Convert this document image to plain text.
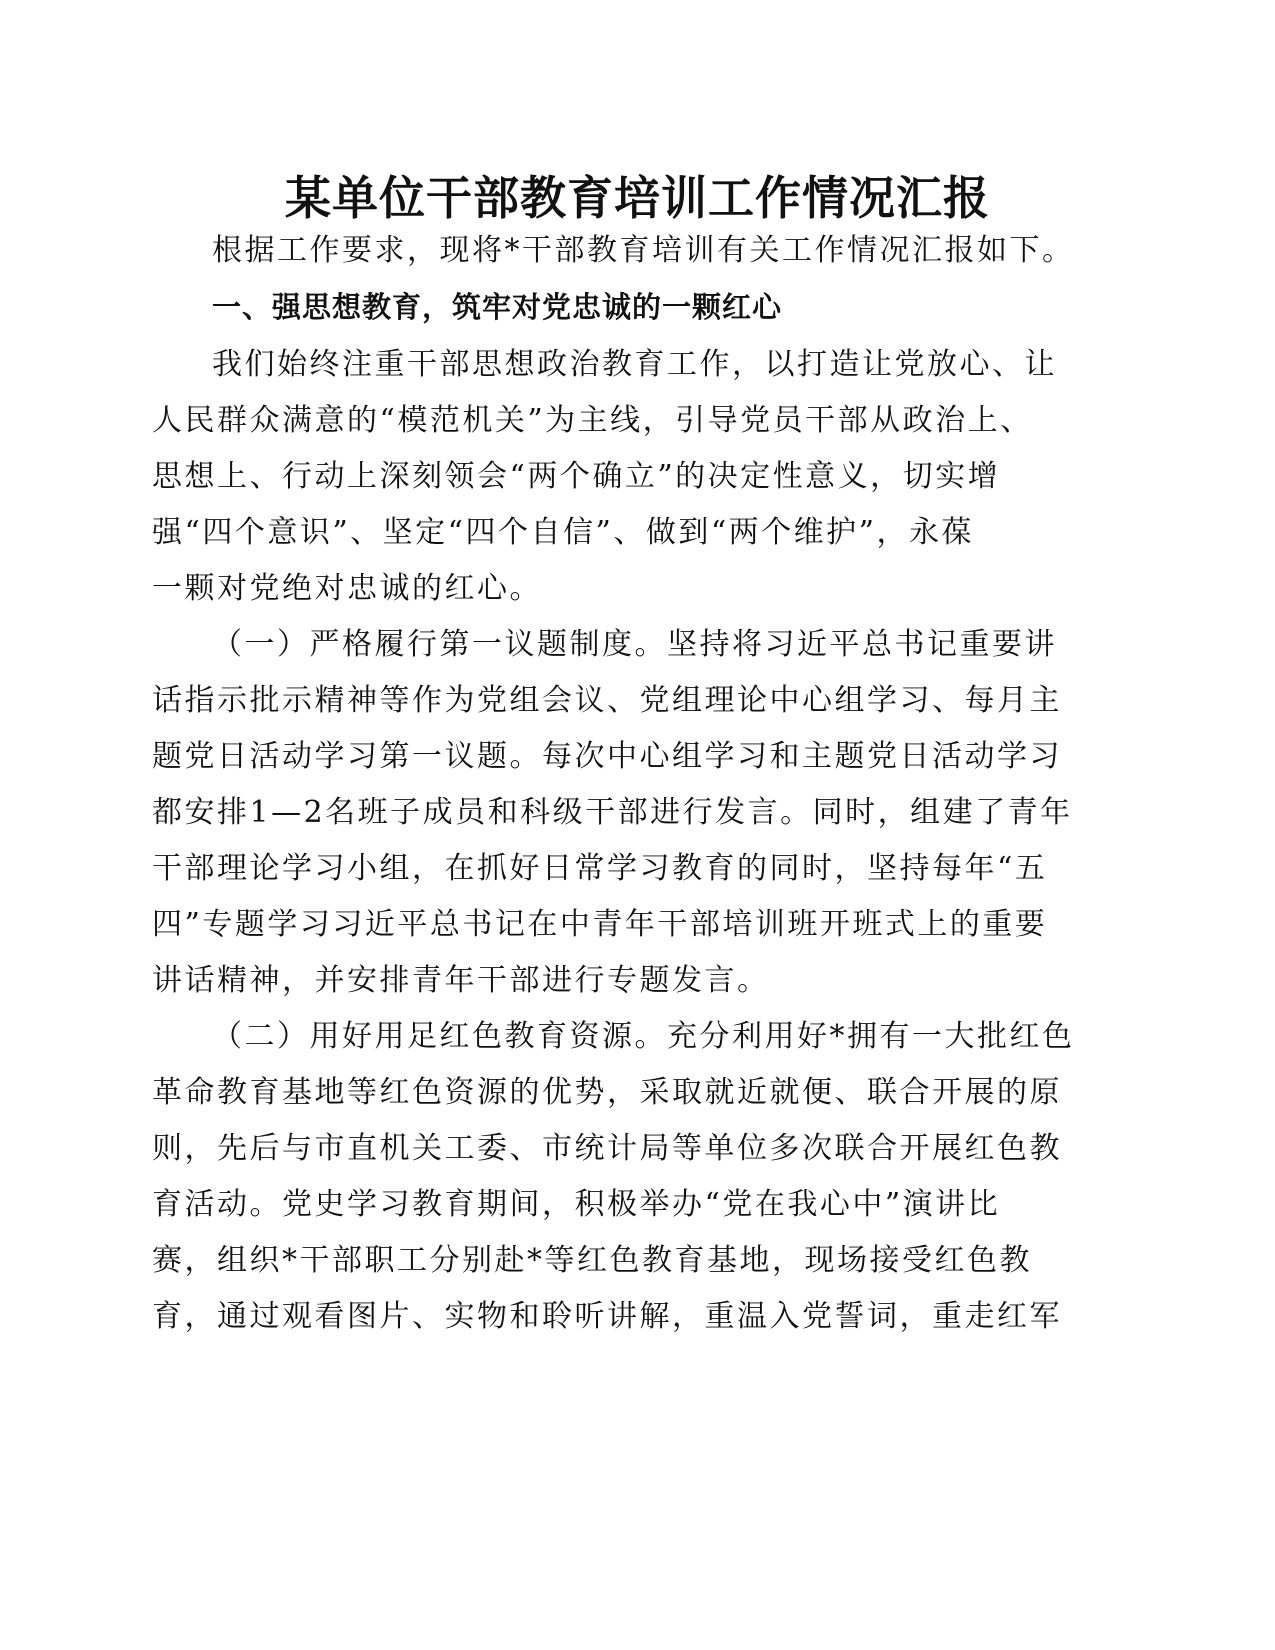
某单位干部教育培训工作情况汇报
根据工作要求，现将*干部教育培训有关工作情况汇报如下。
一、强思想教育，筑牢对党忠诚的一颗红心
我们始终注重干部思想政治教育工作，以打造让党放心、让
人民群众满意的“模范机关”为主线，引导党员干部从政治上、
思想上、行动上深刻领会“两个确立”的决定性意义，切实增
强“四个意识”、坚定“四个自信”、做到“两个维护”，永葆
一颗对党绝对忠诚的红心。
（一）严格履行第一议题制度。坚持将习近平总书记重要讲
话指示批示精神等作为党组会议、党组理论中心组学习、每月主
题党日活动学习第一议题。每次中心组学习和主题党日活动学习
都安排1—2名班子成员和科级干部进行发言。同时，组建了青年
干部理论学习小组，在抓好日常学习教育的同时，坚持每年“五
四”专题学习习近平总书记在中青年干部培训班开班式上的重要
讲话精神，并安排青年干部进行专题发言。
（二）用好用足红色教育资源。充分利用好*拥有一大批红色
革命教育基地等红色资源的优势，采取就近就便、联合开展的原
则，先后与市直机关工委、市统计局等单位多次联合开展红色教
育活动。党史学习教育期间，积极举办“党在我心中”演讲比
赛，组织*干部职工分别赴*等红色教育基地，现场接受红色教
育，通过观看图片、实物和聆听讲解，重温入党誓词，重走红军
